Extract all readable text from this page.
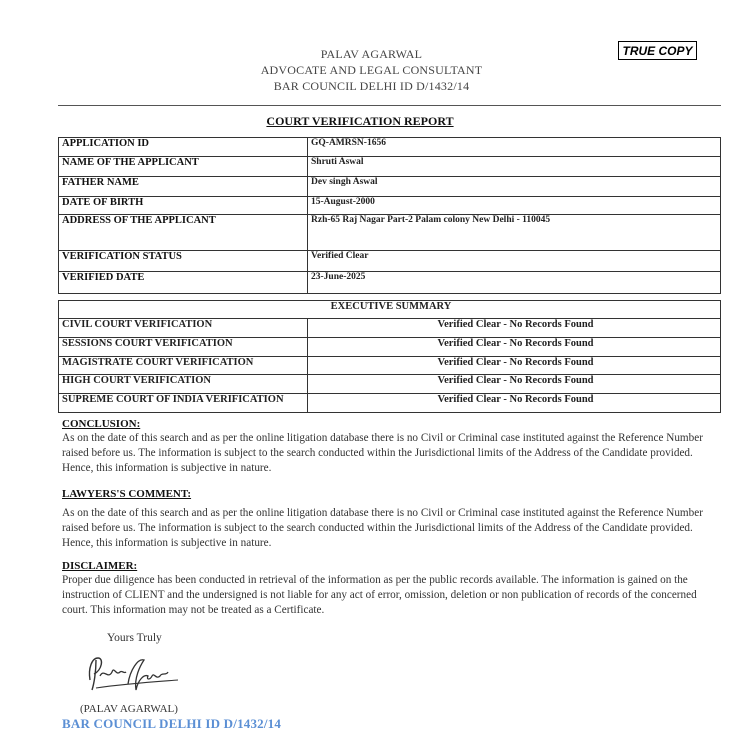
PALAV AGARWAL
ADVOCATE AND LEGAL CONSULTANT
BAR COUNCIL DELHI ID D/1432/14
TRUE COPY
COURT VERIFICATION REPORT
APPLICATION ID	GQ-AMRSN-1656
NAME OF THE APPLICANT	Shruti Aswal
FATHER NAME	Dev singh Aswal
DATE OF BIRTH	15-August-2000
ADDRESS OF THE APPLICANT	Rzh-65 Raj Nagar Part-2 Palam colony New Delhi - 110045
VERIFICATION STATUS	Verified Clear
VERIFIED DATE	23-June-2025
EXECUTIVE SUMMARY	
CIVIL COURT VERIFICATION	Verified Clear - No Records Found
SESSIONS COURT VERIFICATION	Verified Clear - No Records Found
MAGISTRATE COURT VERIFICATION	Verified Clear - No Records Found
HIGH COURT VERIFICATION	Verified Clear - No Records Found
SUPREME COURT OF INDIA VERIFICATION	Verified Clear - No Records Found
CONCLUSION:
As on the date of this search and as per the online litigation database there is no Civil or Criminal case instituted against the Reference Number raised before us. The information is subject to the search conducted within the Jurisdictional limits of the Address of the Candidate provided. Hence, this information is subjective in nature.
LAWYERS'S COMMENT:
As on the date of this search and as per the online litigation database there is no Civil or Criminal case instituted against the Reference Number raised before us. The information is subject to the search conducted within the Jurisdictional limits of the Address of the Candidate provided. Hence, this information is subjective in nature.
DISCLAIMER:
Proper due diligence has been conducted in retrieval of the information as per the public records available. The information is gained on the instruction of CLIENT and the undersigned is not liable for any act of error, omission, deletion or non publication of records of the concerned court. This information may not be treated as a Certificate.
Yours Truly
(PALAV AGARWAL)
BAR COUNCIL DELHI ID D/1432/14
